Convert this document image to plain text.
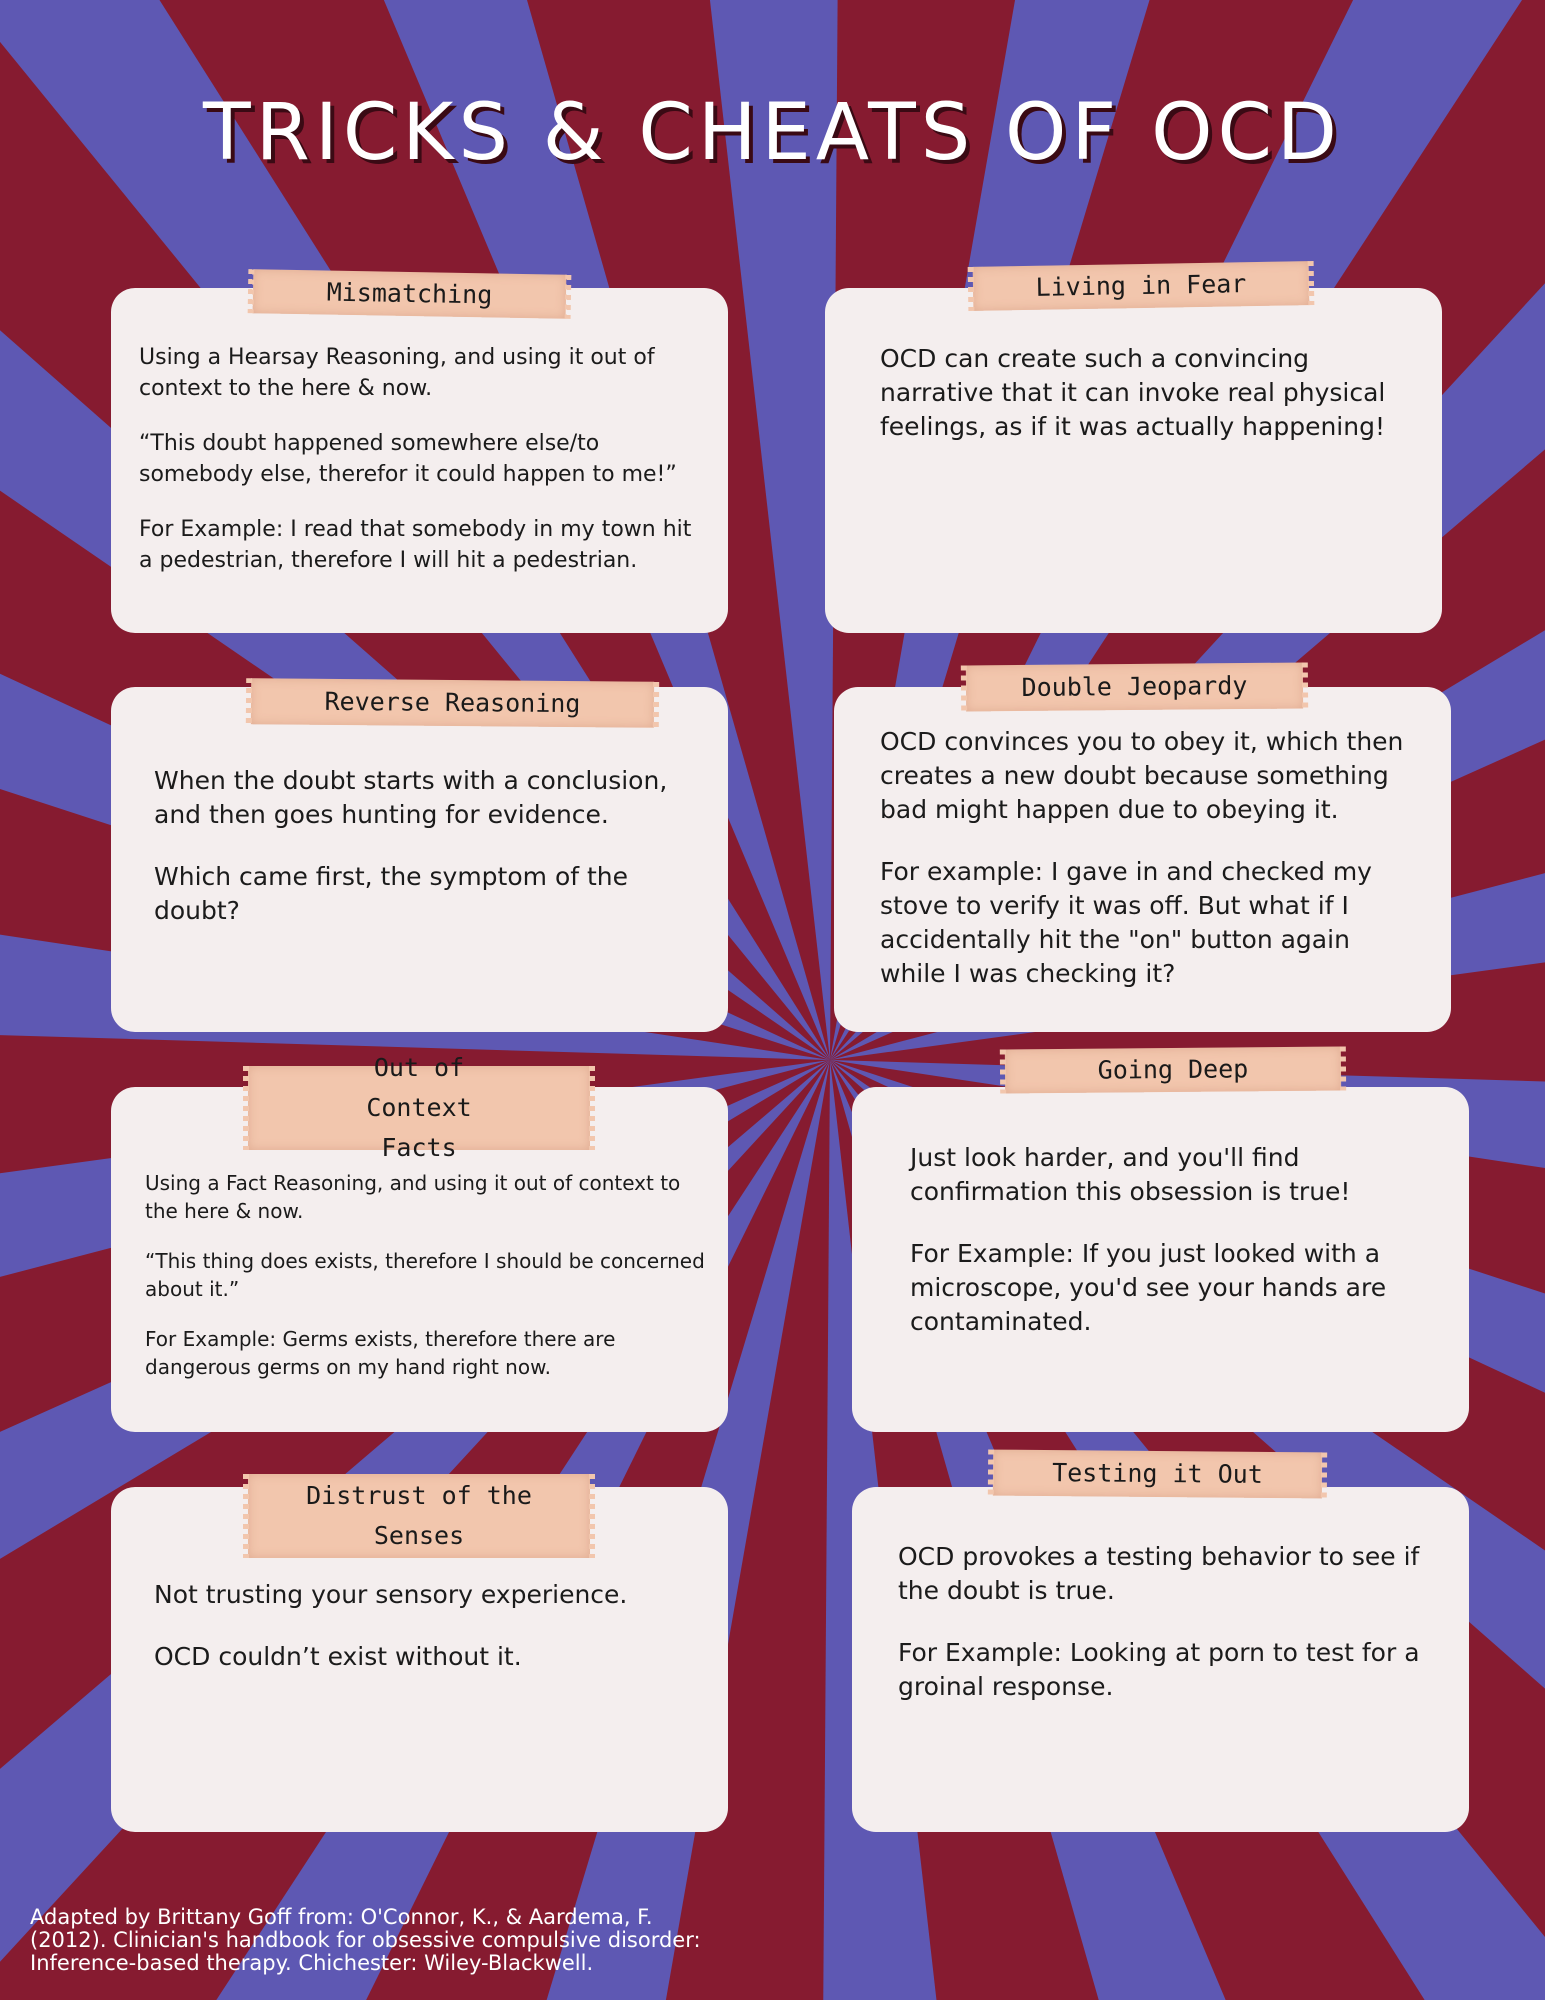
TRICKS & CHEATS OF OCD
Mismatching

Using a Hearsay Reasoning, and using it out of context to the here & now.

“This doubt happened somewhere else/to somebody else, therefor it could happen to me!”

For Example: I read that somebody in my town hit a pedestrian, therefore I will hit a pedestrian.

Living in Fear

OCD can create such a convincing narrative that it can invoke real physical feelings, as if it was actually happening!

Reverse Reasoning

When the doubt starts with a conclusion, and then goes hunting for evidence.

Which came first, the symptom of the doubt?

Double Jeopardy

OCD convinces you to obey it, which then creates a new doubt because something bad might happen due to obeying it.

For example: I gave in and checked my stove to verify it was off. But what if I accidentally hit the "on" button again while I was checking it?

Out of Context Facts

Using a Fact Reasoning, and using it out of context to the here & now.

“This thing does exists, therefore I should be concerned about it.”

For Example: Germs exists, therefore there are dangerous germs on my hand right now.

Going Deep

Just look harder, and you'll find confirmation this obsession is true!

For Example: If you just looked with a microscope, you'd see your hands are contaminated.

Distrust of the Senses

Not trusting your sensory experience.

OCD couldn’t exist without it.

Testing it Out

OCD provokes a testing behavior to see if the doubt is true.

For Example: Looking at porn to test for a groinal response.

Adapted by Brittany Goff from: O'Connor, K., & Aardema, F.

(2012). Clinician's handbook for obsessive compulsive disorder:

Inference-based therapy. Chichester: Wiley-Blackwell.
